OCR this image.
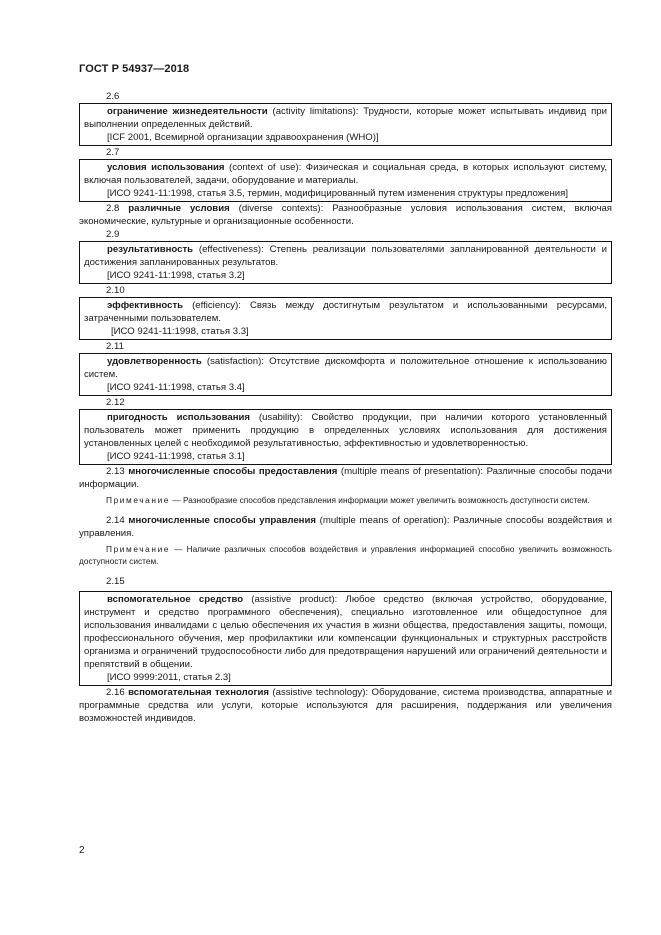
ГОСТ Р 54937—2018

2.6

ограничение жизнедеятельности (activity limitations): Трудности, которые может испытывать индивид при выполнении определенных действий.

[ICF 2001, Всемирной организации здравоохранения (WHO)]

2.7

условия использования (context of use): Физическая и социальная среда, в которых используют систему, включая пользователей, задачи, оборудование и материалы.

[ИСО 9241-11:1998, статья 3.5, термин, модифицированный путем изменения структуры предложения]

2.8 различные условия (diverse contexts): Разнообразные условия использования систем, включая экономические, культурные и организационные особенности.

2.9

результативность (effectiveness): Степень реализации пользователями запланированной деятельности и достижения запланированных результатов.

[ИСО 9241-11:1998, статья 3.2]

2.10

эффективность (efficiency): Связь между достигнутым результатом и использованными ресурсами, затраченными пользователем.

[ИСО 9241-11:1998, статья 3.3]

2.11

удовлетворенность (satisfaction): Отсутствие дискомфорта и положительное отношение к использованию систем.

[ИСО 9241-11:1998, статья 3.4]

2.12

пригодность использования (usability): Свойство продукции, при наличии которого установленный пользователь может применить продукцию в определенных условиях использования для достижения установленных целей с необходимой результативностью, эффективностью и удовлетворенностью.

[ИСО 9241-11:1998, статья 3.1]

2.13 многочисленные способы предоставления (multiple means of presentation): Различные способы подачи информации.

Примечание — Разнообразие способов представления информации может увеличить возможность доступности систем.

2.14 многочисленные способы управления (multiple means of operation): Различные способы воздействия и управления.

Примечание — Наличие различных способов воздействия и управления информацией способно увеличить возможность доступности систем.

2.15

вспомогательное средство (assistive product): Любое средство (включая устройство, оборудование, инструмент и средство программного обеспечения), специально изготовленное или общедоступное для использования инвалидами с целью обеспечения их участия в жизни общества, предоставления защиты, помощи, профессионального обучения, мер профилактики или компенсации функциональных и структурных расстройств организма и ограничений трудоспособности либо для предотвращения нарушений или ограничений деятельности и препятствий в общении.

[ИСО 9999:2011, статья 2.3]

2.16 вспомогательная технология (assistive technology): Оборудование, система производства, аппаратные и программные средства или услуги, которые используются для расширения, поддержания или увеличения возможностей индивидов.

2
